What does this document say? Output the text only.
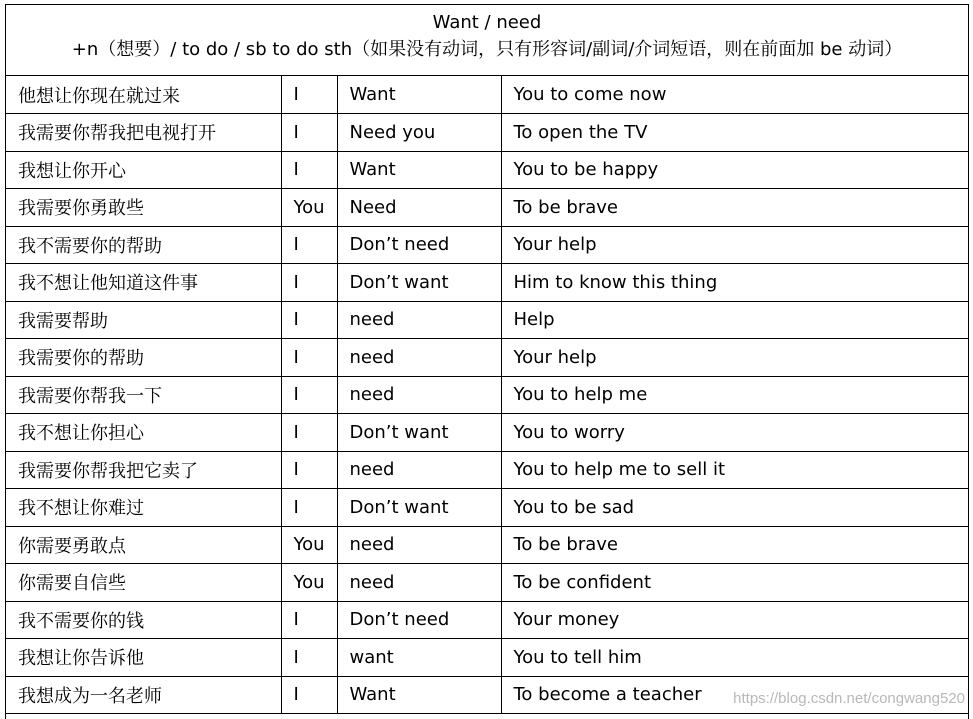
Want / need
+n（想要）/ to do / sb to do sth（如果没有动词，只有形容词/副词/介词短语，则在前面加 be 动词）
他想让你现在就过来	I	Want	You to come now
我需要你帮我把电视打开	I	Need you	To open the TV
我想让你开心	I	Want	You to be happy
我需要你勇敢些	You	Need	To be brave
我不需要你的帮助	I	Don’t need	Your help
我不想让他知道这件事	I	Don’t want	Him to know this thing
我需要帮助	I	need	Help
我需要你的帮助	I	need	Your help
我需要你帮我一下	I	need	You to help me
我不想让你担心	I	Don’t want	You to worry
我需要你帮我把它卖了	I	need	You to help me to sell it
我不想让你难过	I	Don’t want	You to be sad
你需要勇敢点	You	need	To be brave
你需要自信些	You	need	To be confident
我不需要你的钱	I	Don’t need	Your money
我想让你告诉他	I	want	You to tell him
我想成为一名老师	I	Want	To become a teacher https://blog.csdn.net/congwang520
